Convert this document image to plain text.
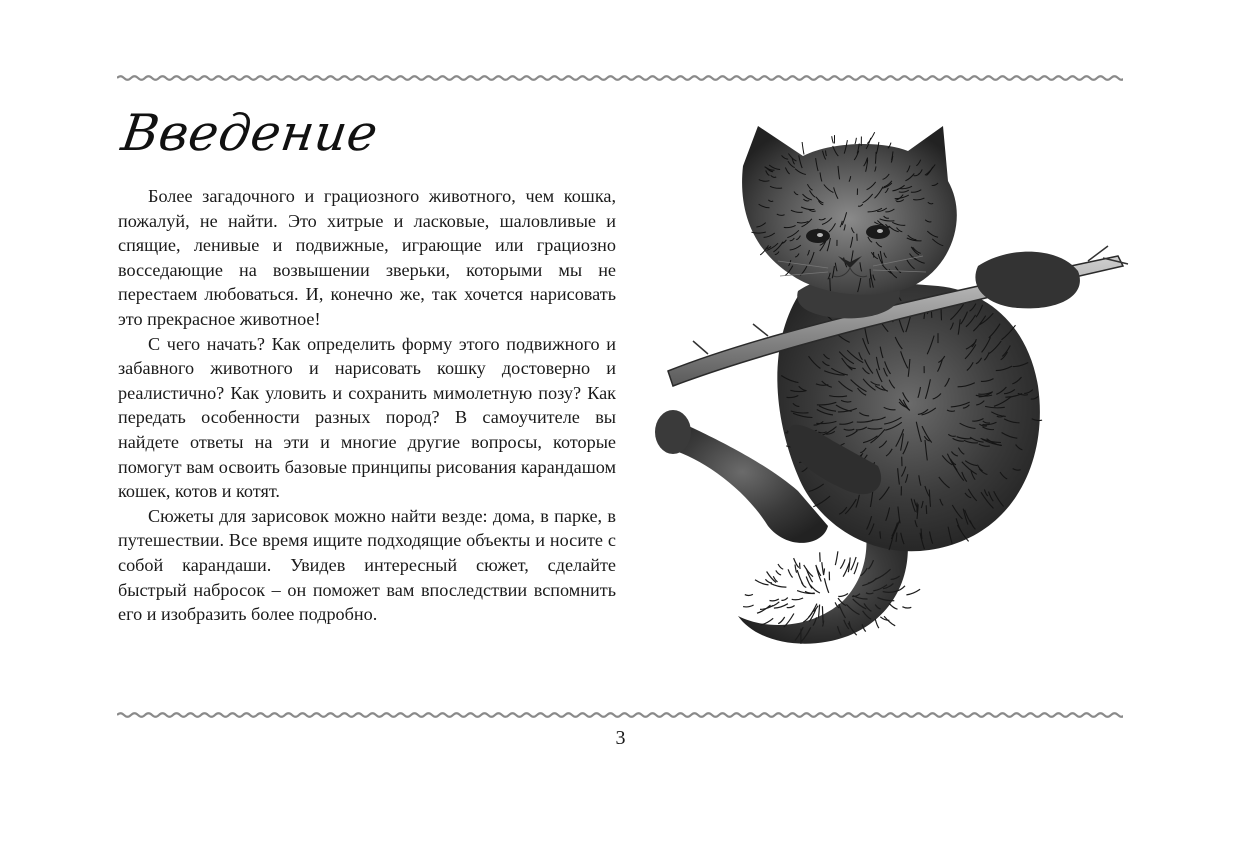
Введение

Более загадочного и грациозного животного, чем кошка, пожалуй, не найти. Это хитрые и ласковые, шаловливые и спящие, ленивые и подвижные, играющие или грациозно восседающие на возвышении зверьки, которыми мы не перестаем любоваться. И, конечно же, так хочется нарисовать это прекрасное животное!

С чего начать? Как определить форму этого подвижного и забавного животного и нарисовать кошку достоверно и реалистично? Как уловить и сохранить мимолетную позу? Как передать особенности разных пород? В самоучителе вы найдете ответы на эти и многие другие вопросы, которые помогут вам освоить базовые принципы рисования карандашом кошек, котов и котят.

Сюжеты для зарисовок можно найти везде: дома, в парке, в путешествии. Все время ищите подходящие объекты и носите с собой карандаши. Увидев интересный сюжет, сделайте быстрый набросок – он поможет вам впоследствии вспомнить его и изобразить более подробно.

3
